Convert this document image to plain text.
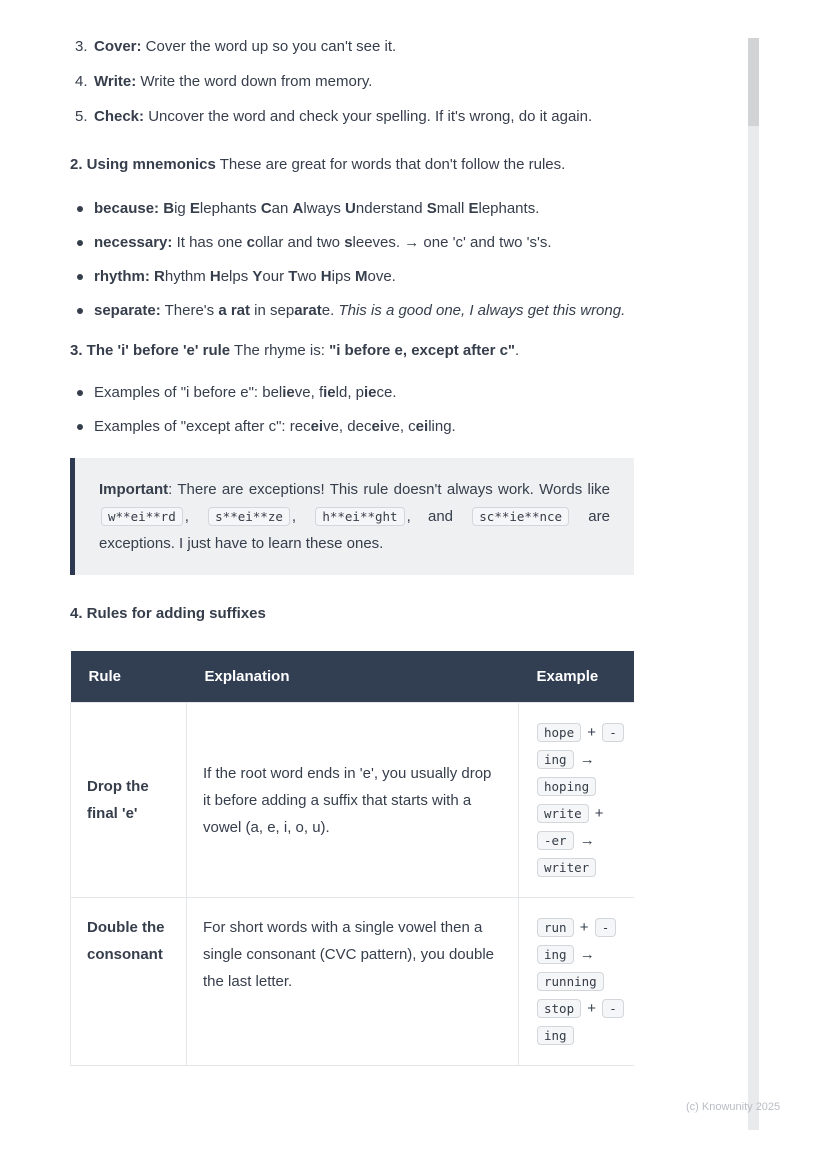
3. Cover: Cover the word up so you can't see it.
4. Write: Write the word down from memory.
5. Check: Uncover the word and check your spelling. If it's wrong, do it again.

2. Using mnemonics These are great for words that don't follow the rules.

because: Big Elephants Can Always Understand Small Elephants.
necessary: It has one collar and two sleeves. → one 'c' and two 's's.
rhythm: Rhythm Helps Your Two Hips Move.
separate: There's a rat in separate. This is a good one, I always get this wrong.

3. The 'i' before 'e' rule The rhyme is: "i before e, except after c".

Examples of "i before e": believe, field, piece.
Examples of "except after c": receive, deceive, ceiling.

Important: There are exceptions! This rule doesn't always work. Words like w**ei**rd , s**ei**ze , h**ei**ght , and sc**ie**nce are exceptions. I just have to learn these ones.

4. Rules for adding suffixes

Rule	Explanation	Example
Drop the final 'e'	If the root word ends in 'e', you usually drop it before adding a suffix that starts with a vowel (a, e, i, o, u).	hope + -ing → hoping write + -er → writer
Double the consonant	For short words with a single vowel then a single consonant (CVC pattern), you double the last letter.	run + -ing → running stop + -ing
(c) Knowunity 2025
